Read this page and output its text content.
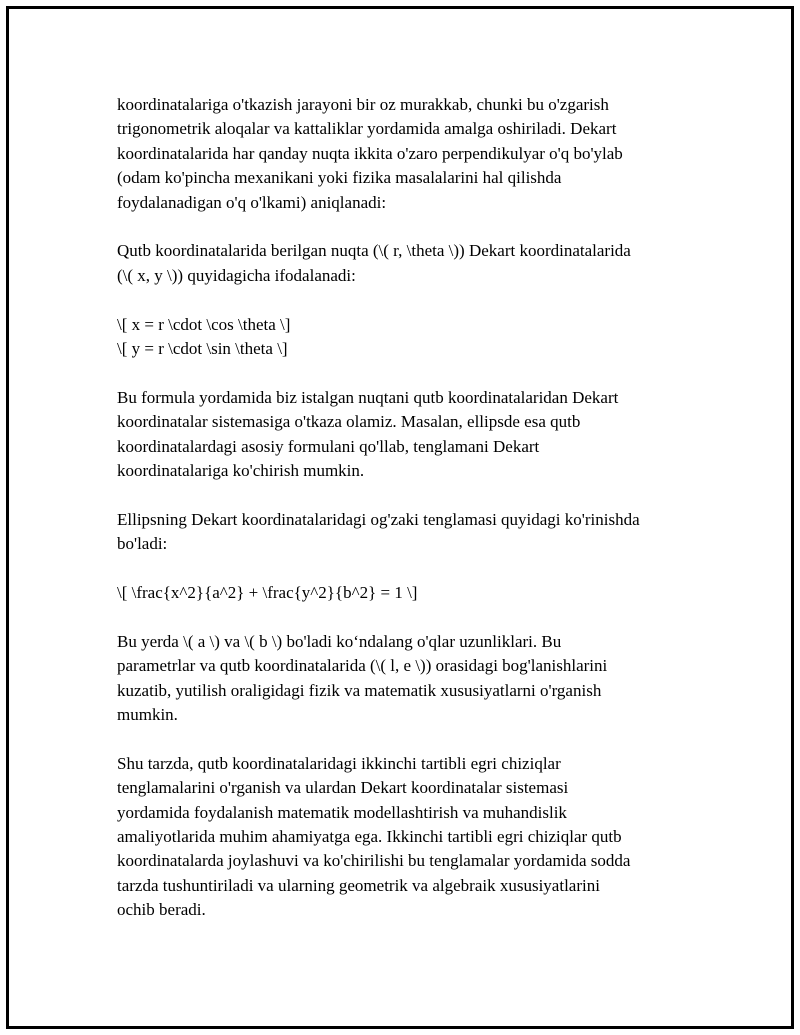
koordinatalariga o'tkazish jarayoni bir oz murakkab, chunki bu o'zgarish
trigonometrik aloqalar va kattaliklar yordamida amalga oshiriladi. Dekart
koordinatalarida har qanday nuqta ikkita o'zaro perpendikulyar o'q bo'ylab
(odam ko'pincha mexanikani yoki fizika masalalarini hal qilishda
foydalanadigan o'q o'lkami) aniqlanadi:

Qutb koordinatalarida berilgan nuqta (\( r, \theta \)) Dekart koordinatalarida
(\( x, y \)) quyidagicha ifodalanadi:

\[ x = r \cdot \cos \theta \]
\[ y = r \cdot \sin \theta \]

Bu formula yordamida biz istalgan nuqtani qutb koordinatalaridan Dekart
koordinatalar sistemasiga o'tkaza olamiz. Masalan, ellipsde esa qutb
koordinatalardagi asosiy formulani qo'llab, tenglamani Dekart
koordinatalariga ko'chirish mumkin.

Ellipsning Dekart koordinatalaridagi og'zaki tenglamasi quyidagi ko'rinishda
bo'ladi:

\[ \frac{x^2}{a^2} + \frac{y^2}{b^2} = 1 \]

Bu yerda \( a \) va \( b \) bo'ladi ko‘ndalang o'qlar uzunliklari. Bu
parametrlar va qutb koordinatalarida (\( l, e \)) orasidagi bog'lanishlarini
kuzatib, yutilish oraligidagi fizik va matematik xususiyatlarni o'rganish
mumkin.

Shu tarzda, qutb koordinatalaridagi ikkinchi tartibli egri chiziqlar
tenglamalarini o'rganish va ulardan Dekart koordinatalar sistemasi
yordamida foydalanish matematik modellashtirish va muhandislik
amaliyotlarida muhim ahamiyatga ega. Ikkinchi tartibli egri chiziqlar qutb
koordinatalarda joylashuvi va ko'chirilishi bu tenglamalar yordamida sodda
tarzda tushuntiriladi va ularning geometrik va algebraik xususiyatlarini
ochib beradi.
